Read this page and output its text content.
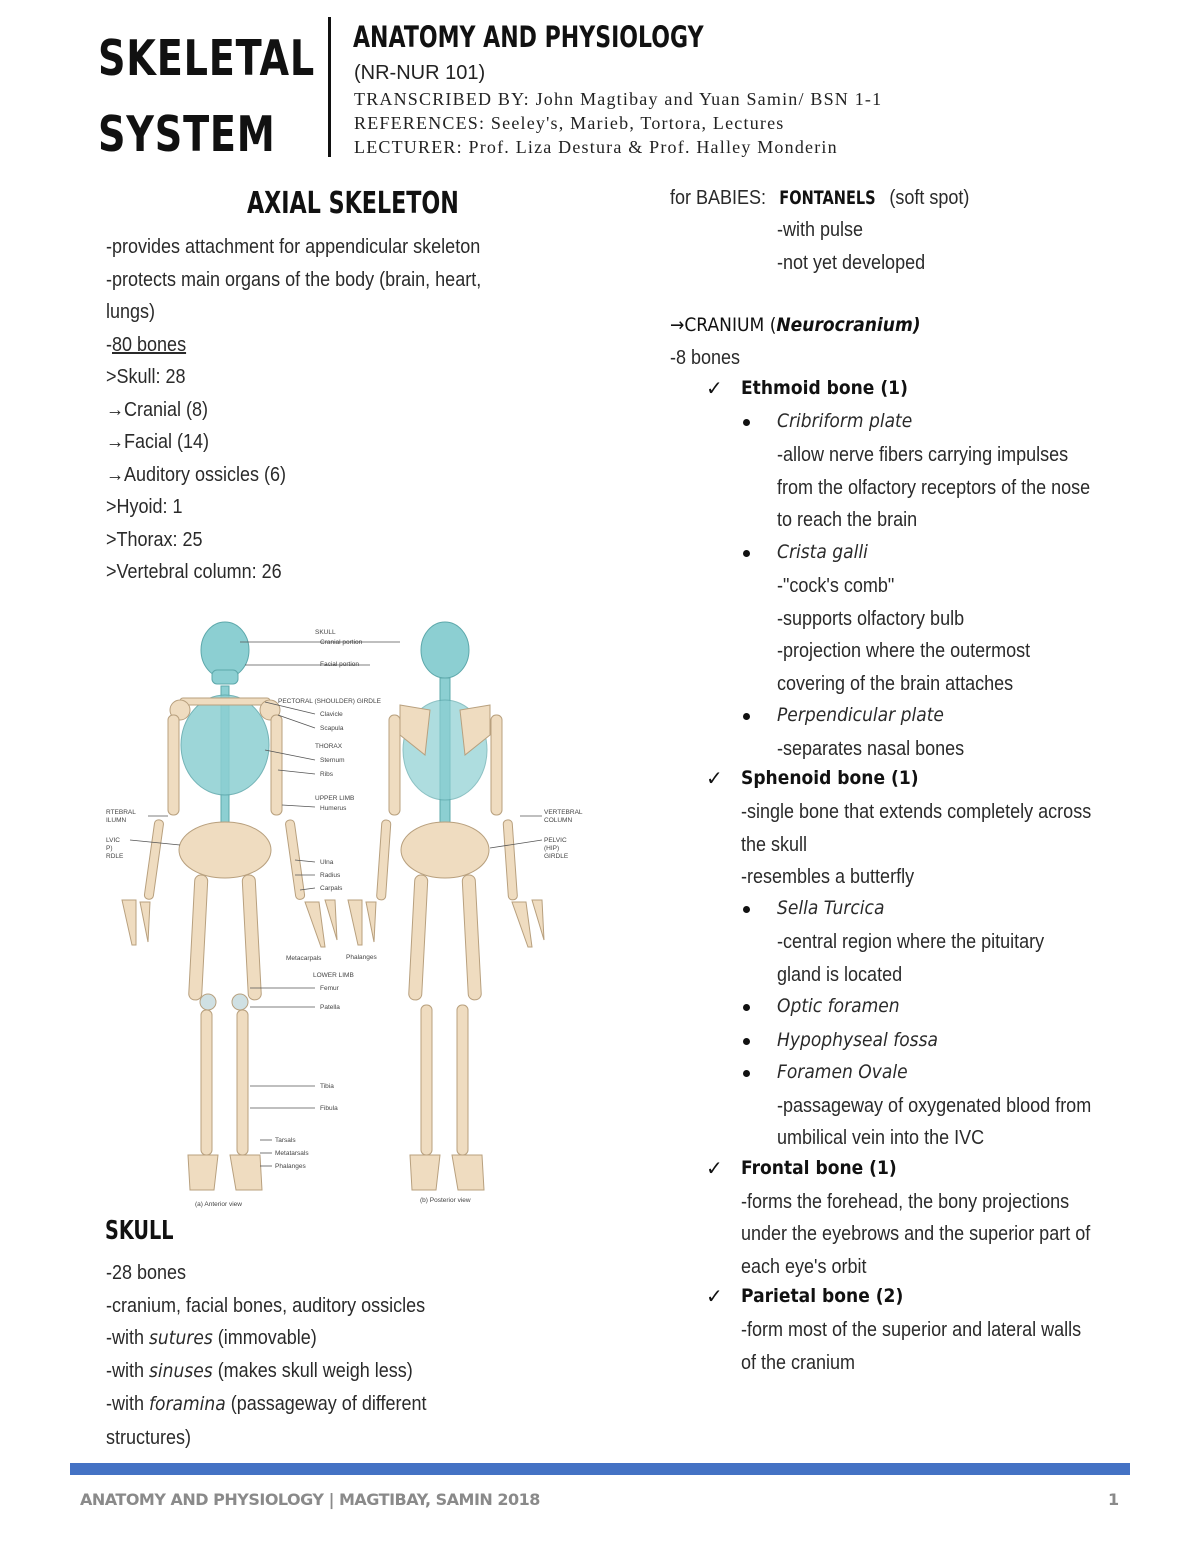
SKELETAL
SYSTEM
ANATOMY AND PHYSIOLOGY
(NR-NUR 101)
TRANSCRIBED BY: John Magtibay and Yuan Samin/ BSN 1-1
REFERENCES: Seeley's, Marieb, Tortora, Lectures
LECTURER: Prof. Liza Destura & Prof. Halley Monderin
AXIAL SKELETON
-provides attachment for appendicular skeleton
-protects main organs of the body (brain, heart,
lungs)
-80 bones
>Skull: 28
→Cranial (8)
→Facial (14)
→Auditory ossicles (6)
>Hyoid: 1
>Thorax: 25
>Vertebral column: 26
SKULL
Cranial portion
Facial portion
PECTORAL (SHOULDER) GIRDLE
Clavicle
Scapula
THORAX
Sternum
Ribs
UPPER LIMB
Humerus
Ulna
Radius
Carpals
Metacarpals	Phalanges
LOWER LIMB
Femur
Patella
Tibia
Fibula
Tarsals
Metatarsals
Phalanges
RTEBRAL
ILUMN
LVIC
P)
RDLE
VERTEBRAL
COLUMN
PELVIC
(HIP)
GIRDLE
(a) Anterior view
(b) Posterior view
SKULL
-28 bones
-cranium, facial bones, auditory ossicles
-with sutures (immovable)
-with sinuses (makes skull weigh less)
-with foramina (passageway of different
structures)
for BABIES: FONTANELS (soft spot)
-with pulse
-not yet developed
→CRANIUM (Neurocranium)
-8 bones
✓ Ethmoid bone (1)
Cribriform plate
-allow nerve fibers carrying impulses
from the olfactory receptors of the nose
to reach the brain
Crista galli
-"cock's comb"
-supports olfactory bulb
-projection where the outermost
covering of the brain attaches
Perpendicular plate
-separates nasal bones
✓ Sphenoid bone (1)
-single bone that extends completely across
the skull
-resembles a butterfly
Sella Turcica
-central region where the pituitary
gland is located
Optic foramen
Hypophyseal fossa
Foramen Ovale
-passageway of oxygenated blood from
umbilical vein into the IVC
✓ Frontal bone (1)
-forms the forehead, the bony projections
under the eyebrows and the superior part of
each eye's orbit
✓ Parietal bone (2)
-form most of the superior and lateral walls
of the cranium
ANATOMY AND PHYSIOLOGY | MAGTIBAY, SAMIN 2018	1
